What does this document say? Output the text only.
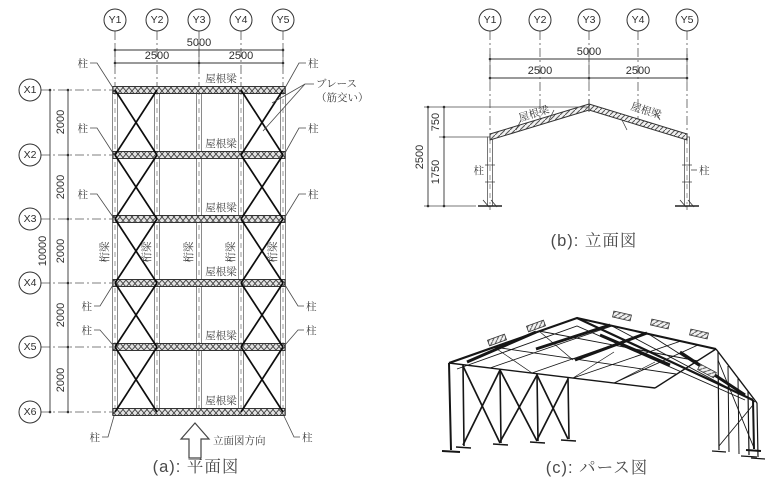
Y1	Y2	Y3	Y4	Y5
5000
2500	2500
X1
X2
X3
X4
X5
X6
10000
2000
2000
2000
2000
2000
屋根梁
屋根梁
屋根梁
屋根梁
屋根梁
屋根梁
桁梁	桁梁	桁梁	桁梁	桁梁
柱
柱
柱
柱
柱
柱
柱
柱
柱
柱
柱
柱
ブレース
（筋交い）
立面図方向
(a): 平面図
Y1	Y2	Y3	Y4	Y5
5000
2500	2500
2500
750
1750	柱	柱
屋根梁	屋根梁
(b): 立面図
(c): パース図
